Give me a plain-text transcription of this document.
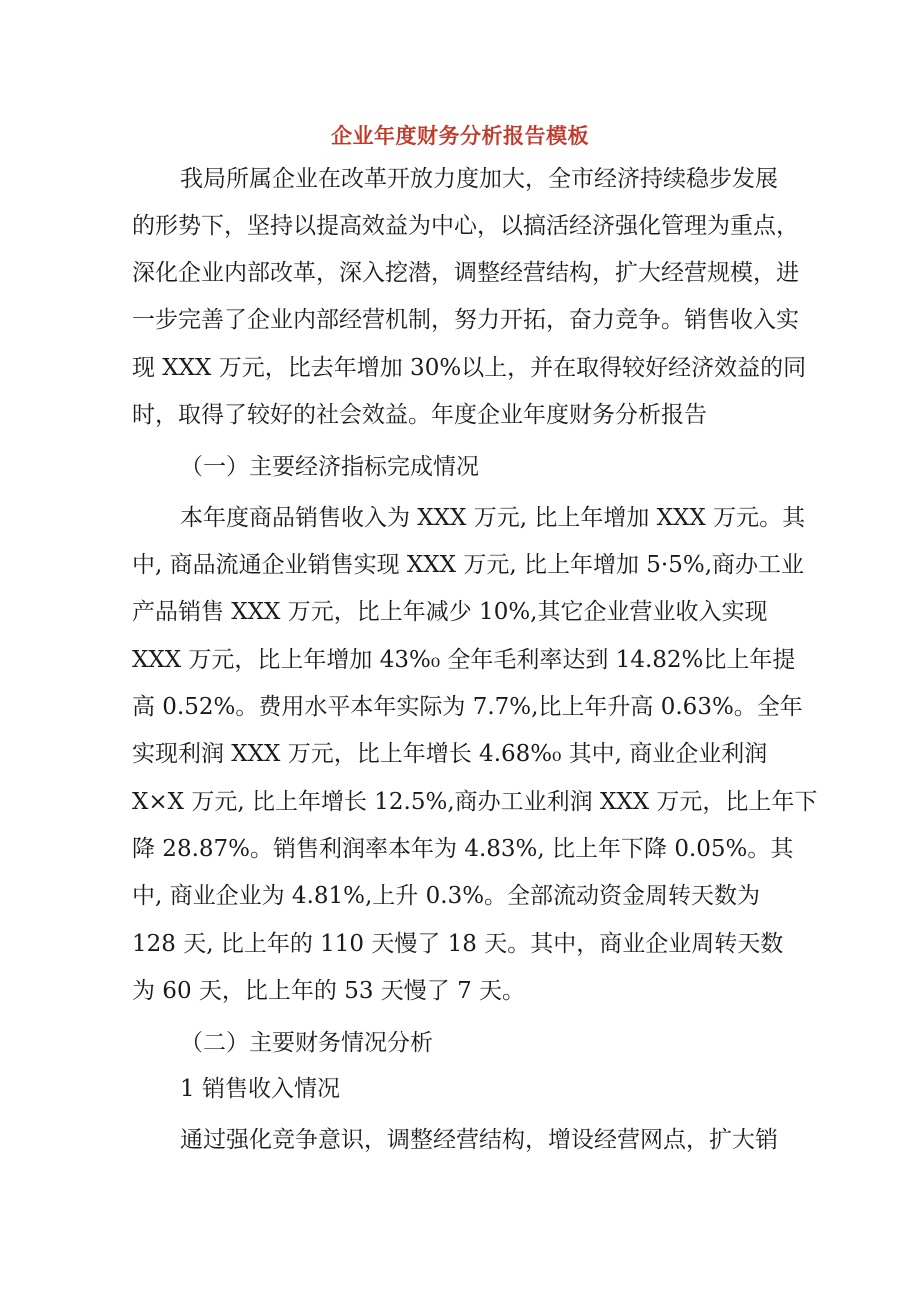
企业年度财务分析报告模板

我局所属企业在改革开放力度加大，全市经济持续稳步发展

的形势下，坚持以提高效益为中心，以搞活经济强化管理为重点，

深化企业内部改革，深入挖潜，调整经营结构，扩大经营规模，进

一步完善了企业内部经营机制，努力开拓，奋力竞争。销售收入实

现 XXX 万元，比去年增加 30%以上，并在取得较好经济效益的同

时，取得了较好的社会效益。年度企业年度财务分析报告

（一）主要经济指标完成情况

本年度商品销售收入为 XXX 万元, 比上年增加 XXX 万元。其

中, 商品流通企业销售实现 XXX 万元, 比上年增加 5·5%,商办工业

产品销售 XXX 万元，比上年减少 10%,其它企业营业收入实现

XXX 万元，比上年增加 43%₀ 全年毛利率达到 14.82%比上年提

高 0.52%。费用水平本年实际为 7.7%,比上年升高 0.63%。全年

实现利润 XXX 万元，比上年增长 4.68%₀ 其中, 商业企业利润

X×X 万元, 比上年增长 12.5%,商办工业利润 XXX 万元，比上年下

降 28.87%。销售利润率本年为 4.83%, 比上年下降 0.05%。其

中, 商业企业为 4.81%,上升 0.3%。全部流动资金周转天数为

128 天, 比上年的 110 天慢了 18 天。其中，商业企业周转天数

为 60 天，比上年的 53 天慢了 7 天。

（二）主要财务情况分析

1 销售收入情况

通过强化竞争意识，调整经营结构，增设经营网点，扩大销
